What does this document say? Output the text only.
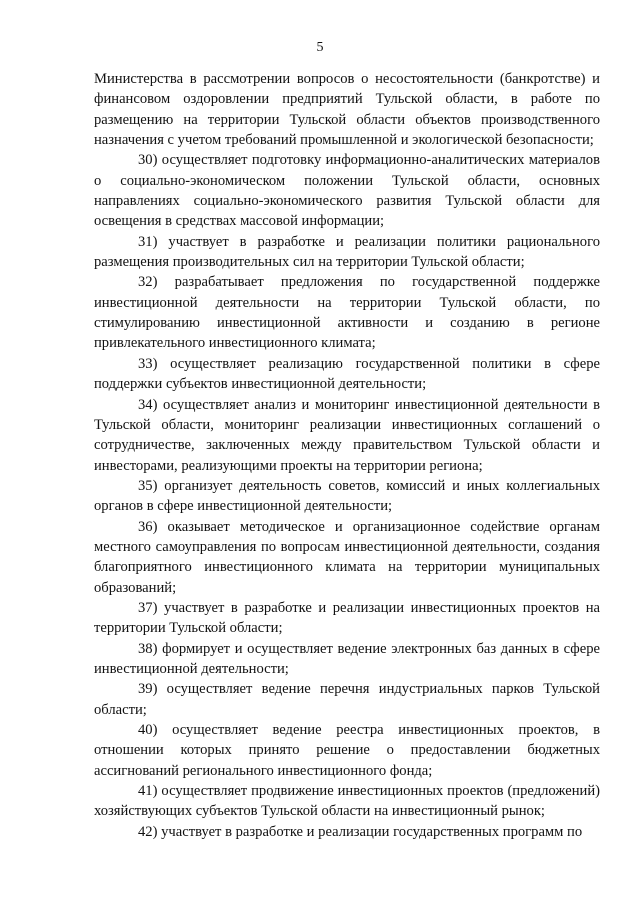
5

Министерства в рассмотрении вопросов о несостоятельности (банкротстве) и финансовом оздоровлении предприятий Тульской области, в работе по размещению на территории Тульской области объектов производственного назначения с учетом требований промышленной и экологической безопасности;

30) осуществляет подготовку информационно-аналитических материалов о социально-экономическом положении Тульской области, основных направлениях социально-экономического развития Тульской области для освещения в средствах массовой информации;

31) участвует в разработке и реализации политики рационального размещения производительных сил на территории Тульской области;

32) разрабатывает предложения по государственной поддержке инвестиционной деятельности на территории Тульской области, по стимулированию инвестиционной активности и созданию в регионе привлекательного инвестиционного климата;

33) осуществляет реализацию государственной политики в сфере поддержки субъектов инвестиционной деятельности;

34) осуществляет анализ и мониторинг инвестиционной деятельности в Тульской области, мониторинг реализации инвестиционных соглашений о сотрудничестве, заключенных между правительством Тульской области и инвесторами, реализующими проекты на территории региона;

35) организует деятельность советов, комиссий и иных коллегиальных органов в сфере инвестиционной деятельности;

36) оказывает методическое и организационное содействие органам местного самоуправления по вопросам инвестиционной деятельности, создания благоприятного инвестиционного климата на территории муниципальных образований;

37) участвует в разработке и реализации инвестиционных проектов на территории Тульской области;

38) формирует и осуществляет ведение электронных баз данных в сфере инвестиционной деятельности;

39) осуществляет ведение перечня индустриальных парков Тульской области;

40) осуществляет ведение реестра инвестиционных проектов, в отношении которых принято решение о предоставлении бюджетных ассигнований регионального инвестиционного фонда;

41) осуществляет продвижение инвестиционных проектов (предложений) хозяйствующих субъектов Тульской области на инвестиционный рынок;

42) участвует в разработке и реализации государственных программ по
